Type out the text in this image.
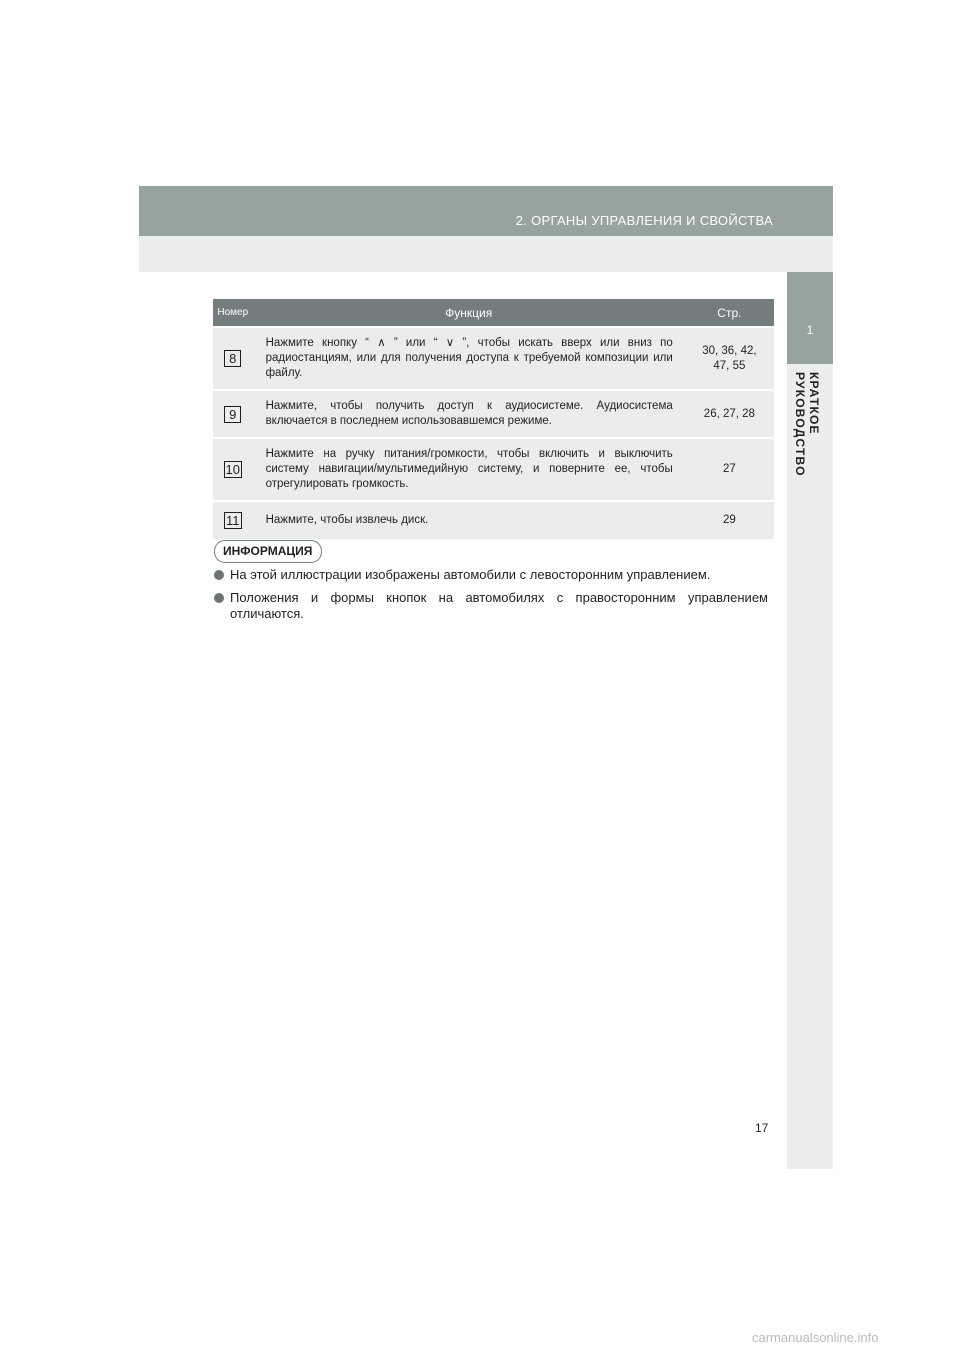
2. ОРГАНЫ УПРАВЛЕНИЯ И СВОЙСТВА
1
КРАТКОЕ РУКОВОДСТВО
Номер	Функция	Стр.
8	Нажмите кнопку “ ∧ ” или “ ∨ ”, чтобы искать вверх или вниз по радиостанциям, или для получения доступа к требуемой композиции или файлу.	30, 36, 42, 47, 55
9	Нажмите, чтобы получить доступ к аудиосистеме. Аудиосистема включается в последнем использовавшемся режиме.	26, 27, 28
10	Нажмите на ручку питания/громкости, чтобы включить и выключить систему навигации/мультимедийную систему, и поверните ее, чтобы отрегулировать громкость.	27
11	Нажмите, чтобы извлечь диск.	29
ИНФОРМАЦИЯ
На этой иллюстрации изображены автомобили с левосторонним управлением.
Положения и формы кнопок на автомобилях с правосторонним управлением отличаются.
17
carmanualsonline.info
